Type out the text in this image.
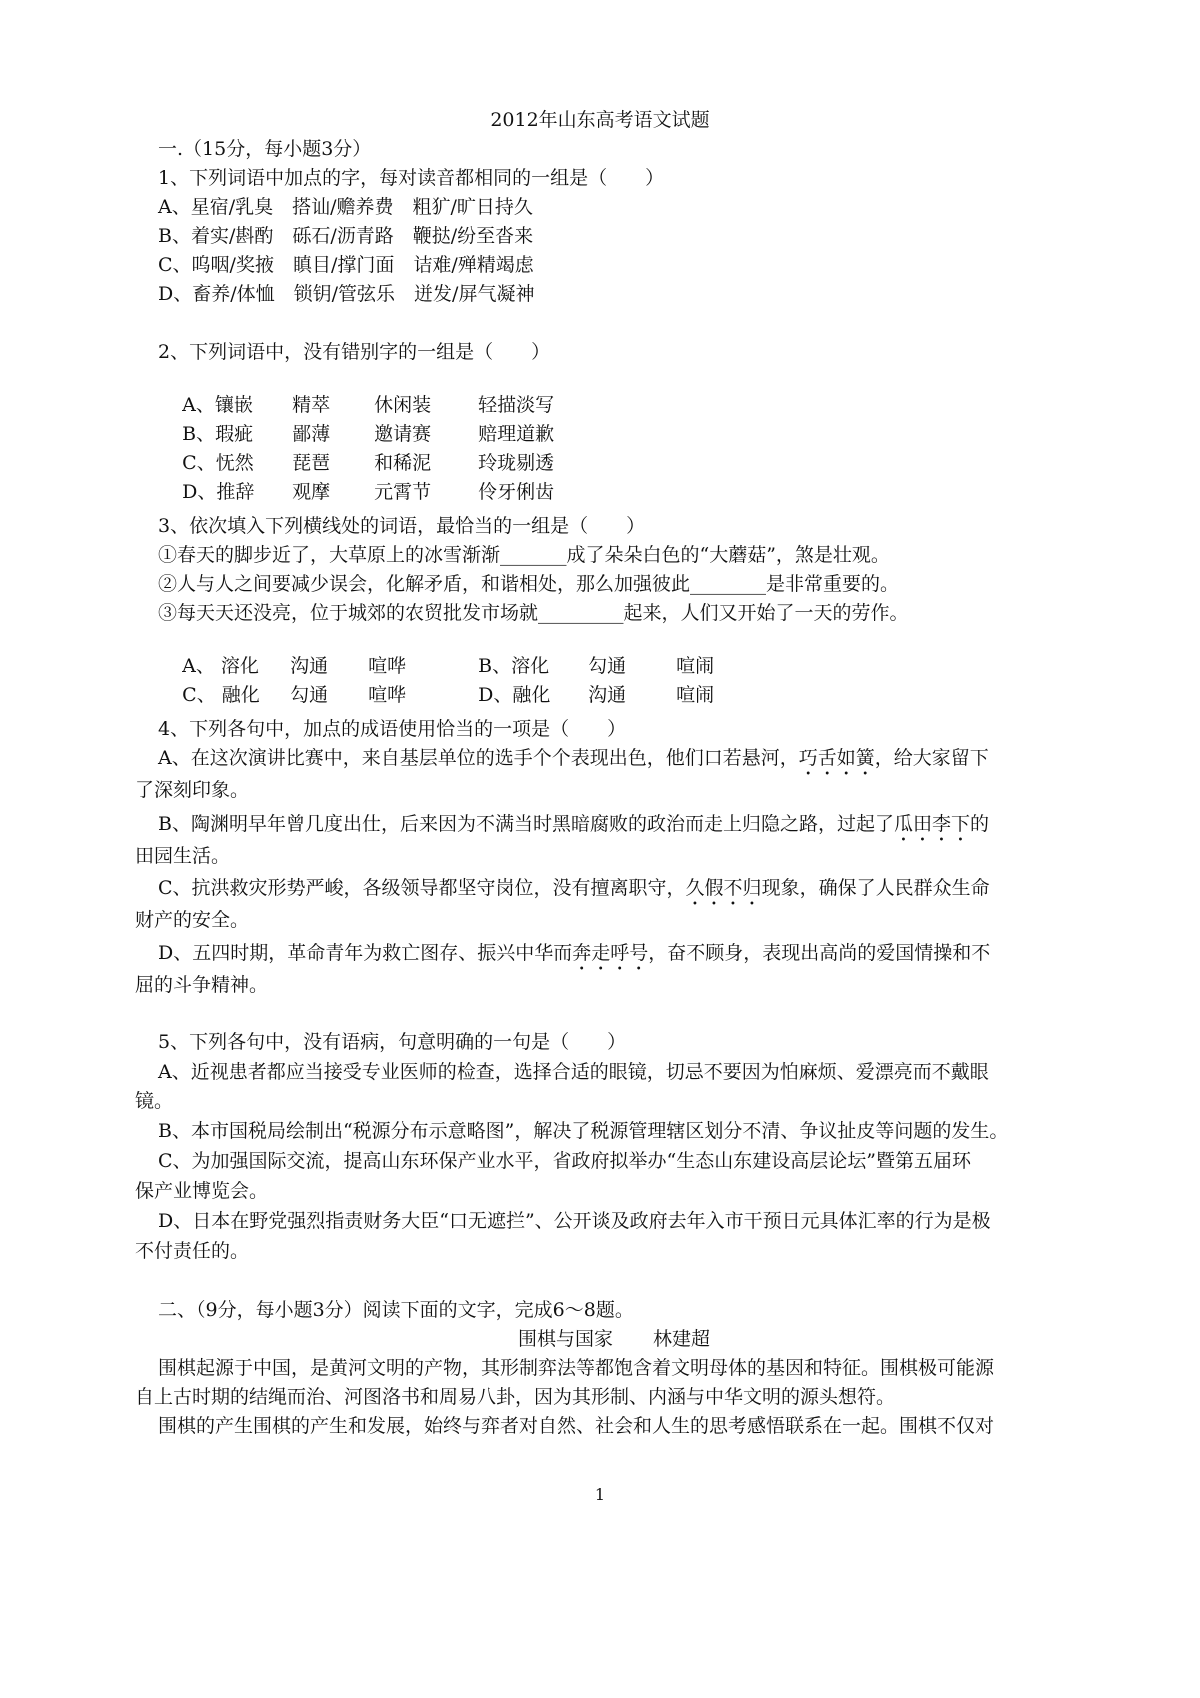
2012年山东高考语文试题
一.（15分，每小题3分）
1、下列词语中加点的字，每对读音都相同的一组是（　　）
A、星宿/乳臭　搭讪/赡养费　粗犷/旷日持久
B、着实/斟酌　砾石/沥青路　鞭挞/纷至沓来
C、呜咽/奖掖　瞋目/撑门面　诘难/殚精竭虑
D、畜养/体恤　锁钥/管弦乐　迸发/屏气凝神
2、下列词语中，没有错别字的一组是（　　）

A、镶嵌 精萃 休闲装 轻描淡写

B、瑕疵 鄙薄 邀请赛 赔理道歉

C、怃然 琵琶 和稀泥 玲珑剔透

D、推辞 观摩 元霄节 伶牙俐齿

3、依次填入下列横线处的词语，最恰当的一组是（　　）
①春天的脚步近了，大草原上的冰雪渐渐_______成了朵朵白色的“大蘑菇”，煞是壮观。
②人与人之间要减少误会，化解矛盾，和谐相处，那么加强彼此________是非常重要的。
③每天天还没亮，位于城郊的农贸批发市场就_________起来，人们又开始了一天的劳作。

A、 溶化 沟通 喧哗	B、溶化 勾通	喧闹

C、 融化 勾通 喧哗	D、融化 沟通	喧闹

4、下列各句中，加点的成语使用恰当的一项是（　　）
A、在这次演讲比赛中，来自基层单位的选手个个表现出色，他们口若悬河，巧舌如簧，给大家留下
了深刻印象。
B、陶渊明早年曾几度出仕，后来因为不满当时黑暗腐败的政治而走上归隐之路，过起了瓜田李下的
田园生活。
C、抗洪救灾形势严峻，各级领导都坚守岗位，没有擅离职守，久假不归现象，确保了人民群众生命
财产的安全。
D、五四时期，革命青年为救亡图存、振兴中华而奔走呼号，奋不顾身，表现出高尚的爱国情操和不
屈的斗争精神。
5、下列各句中，没有语病，句意明确的一句是（　　）
A、近视患者都应当接受专业医师的检查，选择合适的眼镜，切忌不要因为怕麻烦、爱漂亮而不戴眼
镜。
B、本市国税局绘制出“税源分布示意略图”，解决了税源管理辖区划分不清、争议扯皮等问题的发生。
C、为加强国际交流，提高山东环保产业水平，省政府拟举办“生态山东建设高层论坛”暨第五届环
保产业博览会。
D、日本在野党强烈指责财务大臣“口无遮拦”、公开谈及政府去年入市干预日元具体汇率的行为是极
不付责任的。
二、（9分，每小题3分）阅读下面的文字，完成6～8题。
围棋与国家 林建超
围棋起源于中国，是黄河文明的产物，其形制弈法等都饱含着文明母体的基因和特征。围棋极可能源
自上古时期的结绳而治、河图洛书和周易八卦，因为其形制、内涵与中华文明的源头想符。
围棋的产生围棋的产生和发展，始终与弈者对自然、社会和人生的思考感悟联系在一起。围棋不仅对
1
